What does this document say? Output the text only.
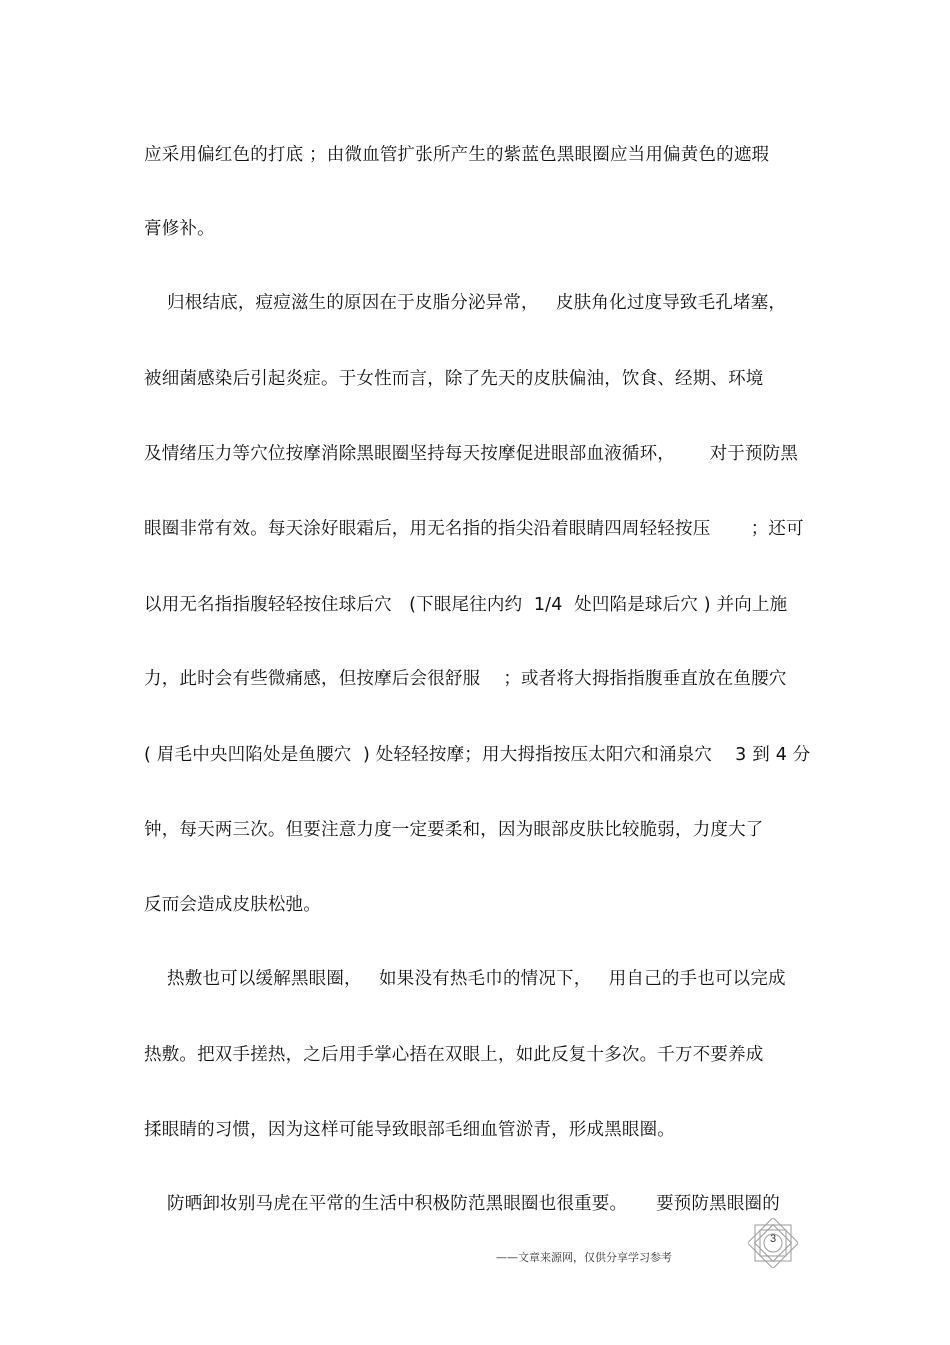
应采用偏红色的打底 ；由微血管扩张所产生的紫蓝色黑眼圈应当用偏黄色的遮瑕
膏修补。
归根结底，痘痘滋生的原因在于皮脂分泌异常，   皮肤角化过度导致毛孔堵塞，
被细菌感染后引起炎症。于女性而言，除了先天的皮肤偏油，饮食、经期、环境
及情绪压力等穴位按摩消除黑眼圈坚持每天按摩促进眼部血液循环，      对于预防黑
眼圈非常有效。每天涂好眼霜后，用无名指的指尖沿着眼睛四周轻轻按压       ；还可
以用无名指指腹轻轻按住球后穴   (下眼尾往内约  1/4  处凹陷是球后穴 ) 并向上施
力，此时会有些微痛感，但按摩后会很舒服    ；或者将大拇指指腹垂直放在鱼腰穴
( 眉毛中央凹陷处是鱼腰穴  ) 处轻轻按摩；用大拇指按压太阳穴和涌泉穴    3 到 4 分
钟，每天两三次。但要注意力度一定要柔和，因为眼部皮肤比较脆弱，力度大了
反而会造成皮肤松弛。
热敷也可以缓解黑眼圈，   如果没有热毛巾的情况下，   用自己的手也可以完成
热敷。把双手搓热，之后用手掌心捂在双眼上，如此反复十多次。千万不要养成
揉眼睛的习惯，因为这样可能导致眼部毛细血管淤青，形成黑眼圈。
防晒卸妆别马虎在平常的生活中积极防范黑眼圈也很重要。     要预防黑眼圈的
——文章来源网，仅供分享学习参考
3
